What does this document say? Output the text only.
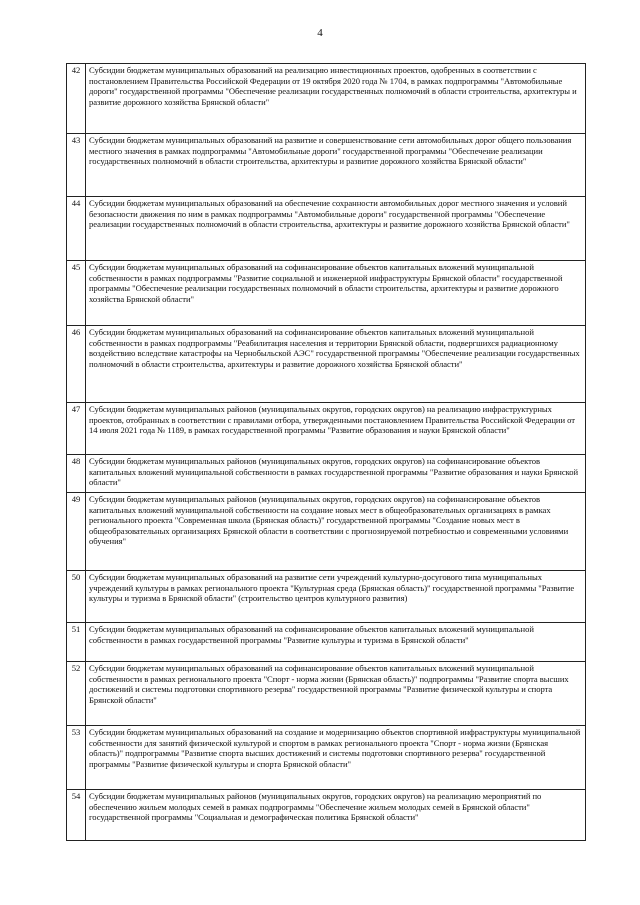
4
42	Субсидии бюджетам муниципальных образований на реализацию инвестиционных проектов, одобренных в соответствии с постановлением Правительства Российской Федерации от 19 октября 2020 года № 1704, в рамках подпрограммы "Автомобильные дороги" государственной программы "Обеспечение реализации государственных полномочий в области строительства, архитектуры и развитие дорожного хозяйства Брянской области"
43	Субсидии бюджетам муниципальных образований на развитие и совершенствование сети автомобильных дорог общего пользования местного значения в рамках подпрограммы "Автомобильные дороги" государственной программы "Обеспечение реализации государственных полномочий в области строительства, архитектуры и развитие дорожного хозяйства Брянской области"
44	Субсидии бюджетам муниципальных образований на обеспечение сохранности автомобильных дорог местного значения и условий безопасности движения по ним в рамках подпрограммы "Автомобильные дороги" государственной программы "Обеспечение реализации государственных полномочий в области строительства, архитектуры и развитие дорожного хозяйства Брянской области"
45	Субсидии бюджетам муниципальных образований на софинансирование объектов капитальных вложений муниципальной собственности в рамках подпрограммы "Развитие социальной и инженерной инфраструктуры Брянской области" государственной программы "Обеспечение реализации государственных полномочий в области строительства, архитектуры и развитие дорожного хозяйства Брянской области"
46	Субсидии бюджетам муниципальных образований на софинансирование объектов капитальных вложений муниципальной собственности в рамках подпрограммы "Реабилитация населения и территории Брянской области, подвергшихся радиационному воздействию вследствие катастрофы на Чернобыльской АЭС" государственной программы "Обеспечение реализации государственных полномочий в области строительства, архитектуры и развитие дорожного хозяйства Брянской области"
47	Субсидии бюджетам муниципальных районов (муниципальных округов, городских округов) на реализацию инфраструктурных проектов, отобранных в соответствии с правилами отбора, утвержденными постановлением Правительства Российской Федерации от 14 июля 2021 года № 1189, в рамках государственной программы "Развитие образования и науки Брянской области"
48	Субсидии бюджетам муниципальных районов (муниципальных округов, городских округов) на софинансирование объектов капитальных вложений муниципальной собственности в рамках государственной программы "Развитие образования и науки Брянской области"
49	Субсидии бюджетам муниципальных районов (муниципальных округов, городских округов) на софинансирование объектов капитальных вложений муниципальной собственности на создание новых мест в общеобразовательных организациях в рамках регионального проекта "Современная школа (Брянская область)" государственной программы "Создание новых мест в общеобразовательных организациях Брянской области в соответствии с прогнозируемой потребностью и современными условиями обучения"
50	Субсидии бюджетам муниципальных образований на развитие сети учреждений культурно-досугового типа муниципальных учреждений культуры в рамках регионального проекта "Культурная среда (Брянская область)" государственной программы "Развитие культуры и туризма в Брянской области" (строительство центров культурного развития)
51	Субсидии бюджетам муниципальных образований на софинансирование объектов капитальных вложений муниципальной собственности в рамках государственной программы "Развитие культуры и туризма в Брянской области"
52	Субсидии бюджетам муниципальных образований на софинансирование объектов капитальных вложений муниципальной собственности в рамках регионального проекта "Спорт - норма жизни (Брянская область)" подпрограммы "Развитие спорта высших достижений и системы подготовки спортивного резерва" государственной программы "Развитие физической культуры и спорта Брянской области"
53	Субсидии бюджетам муниципальных образований на создание и модернизацию объектов спортивной инфраструктуры муниципальной собственности для занятий физической культурой и спортом в рамках регионального проекта "Спорт - норма жизни (Брянская область)" подпрограммы "Развитие спорта высших достижений и системы подготовки спортивного резерва" государственной программы "Развитие физической культуры и спорта Брянской области"
54	Субсидии бюджетам муниципальных районов (муниципальных округов, городских округов) на реализацию мероприятий по обеспечению жильем молодых семей в рамках подпрограммы "Обеспечение жильем молодых семей в Брянской области" государственной программы "Социальная и демографическая политика Брянской области"
